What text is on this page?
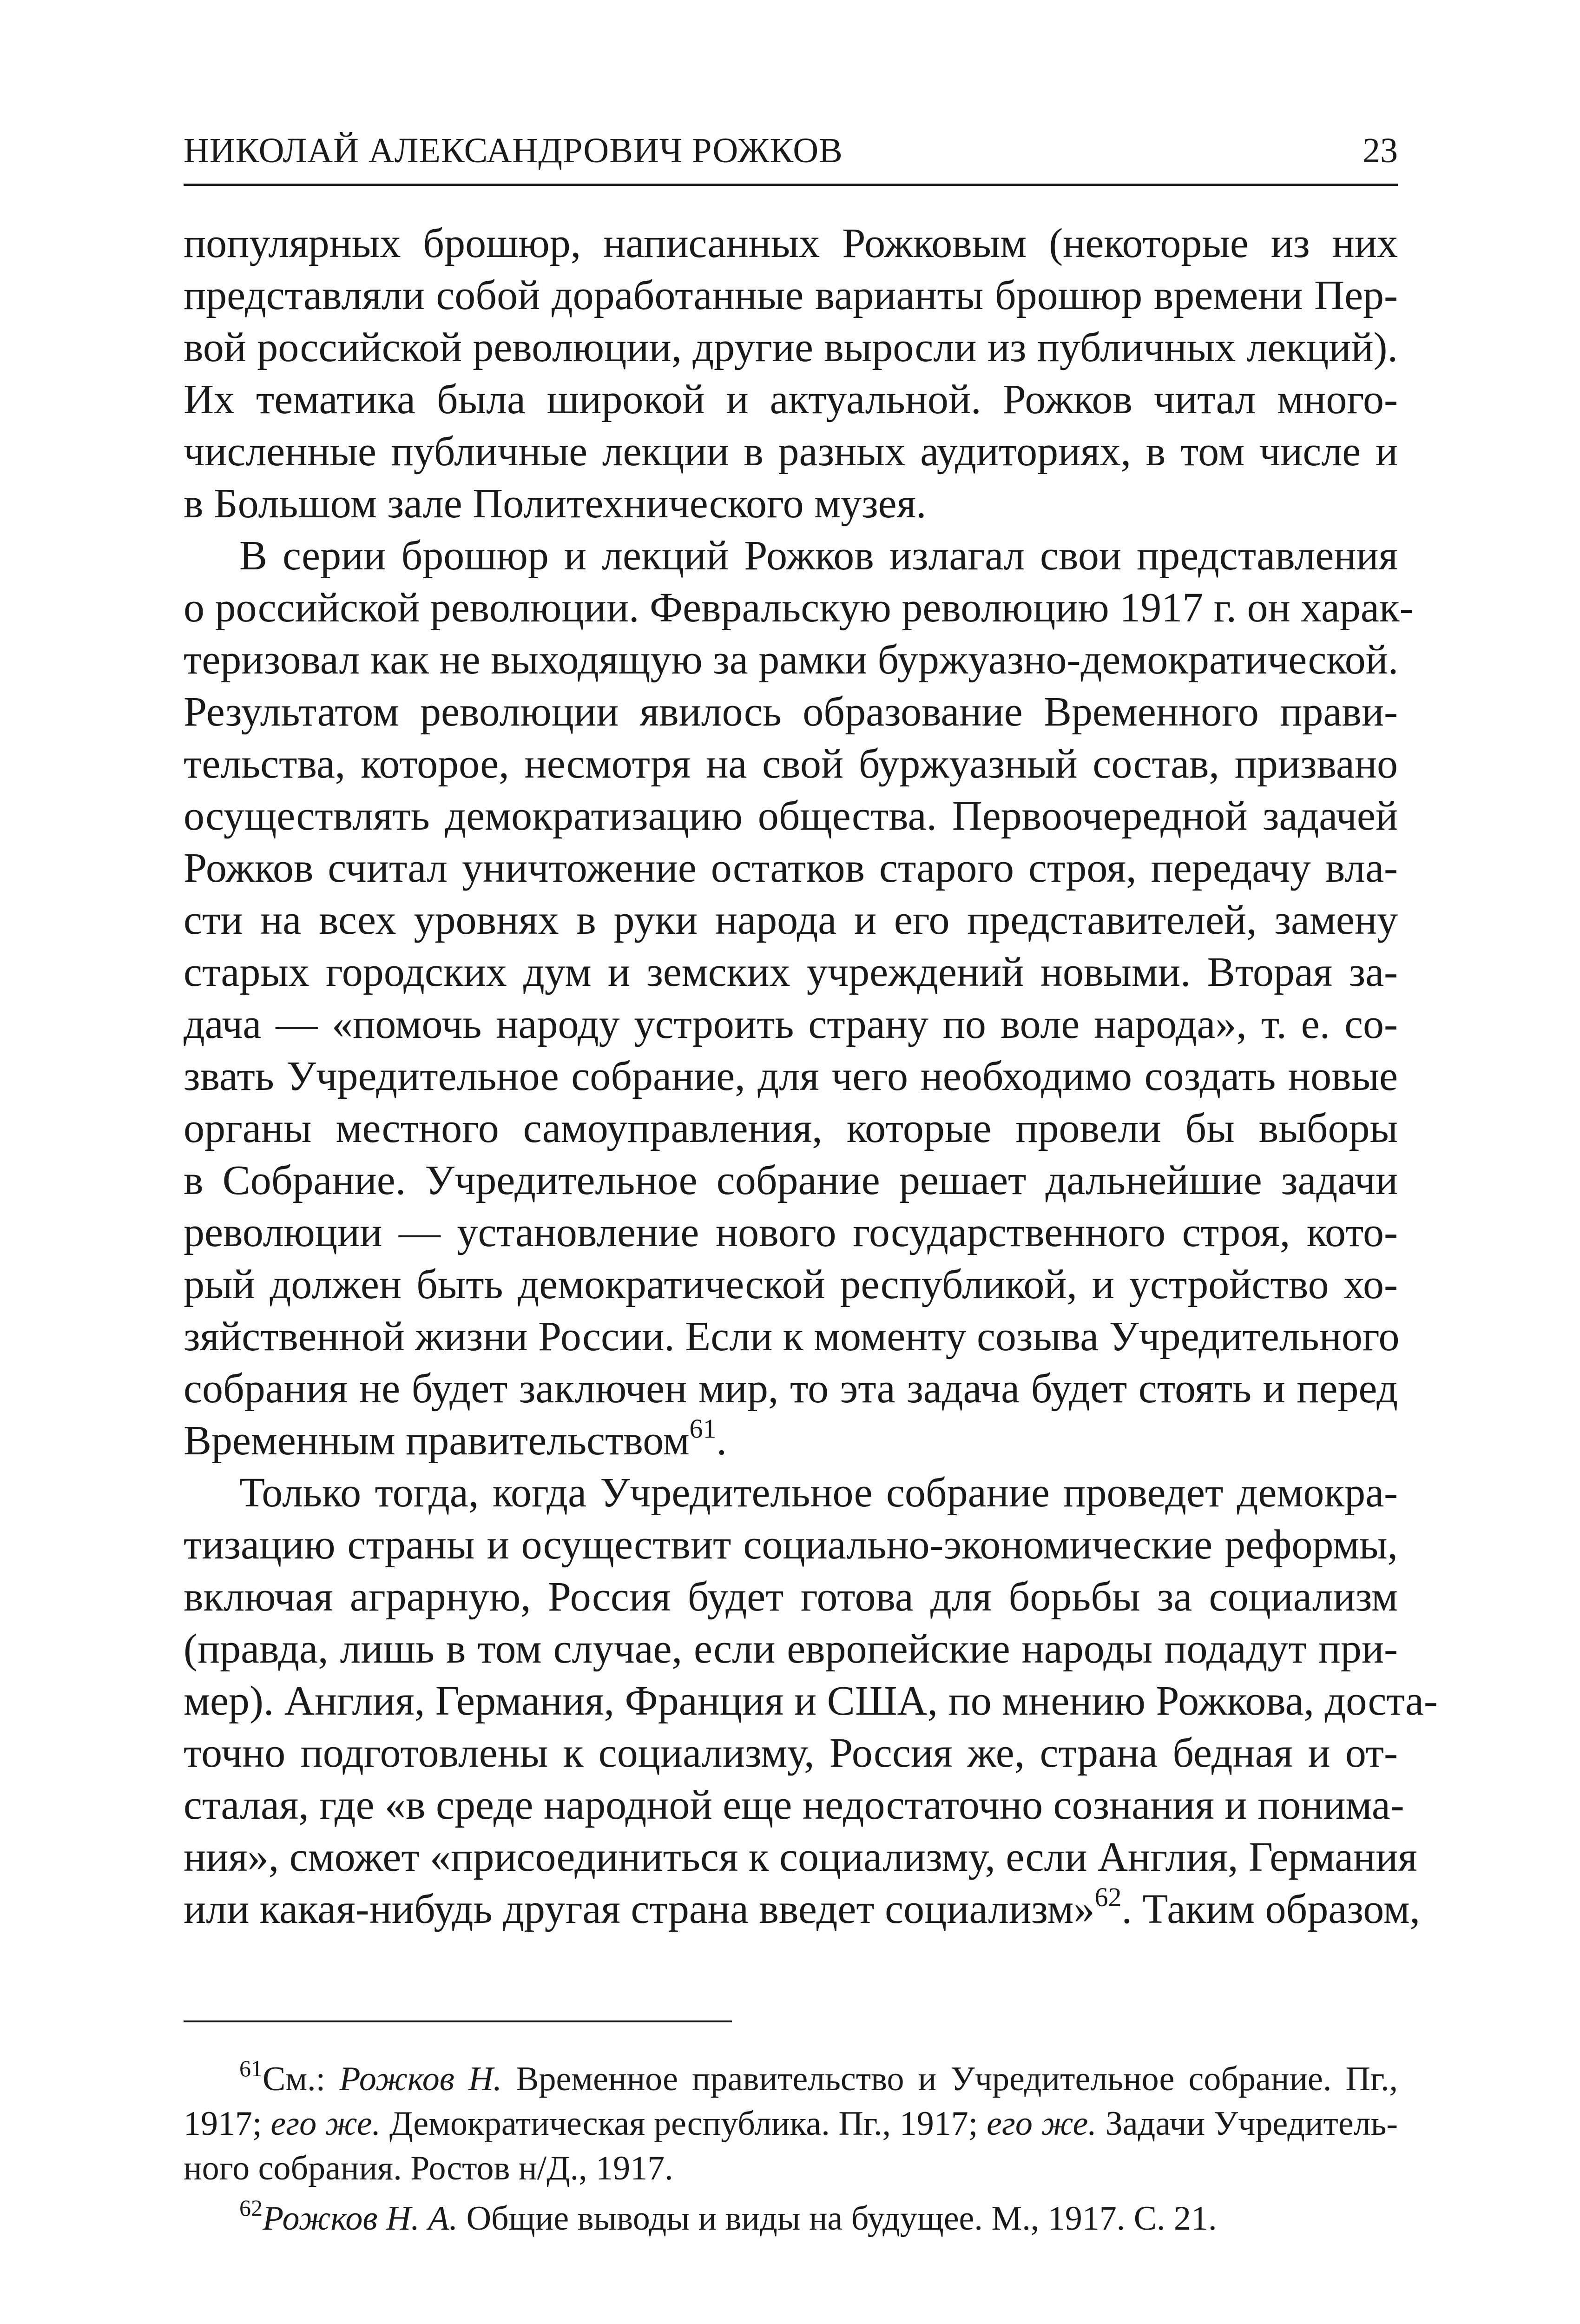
НИКОЛАЙ АЛЕКСАНДРОВИЧ РОЖКОВ	23
популярных брошюр, написанных Рожковым (некоторые из них
представляли собой доработанные варианты брошюр времени Пер-
вой российской революции, другие выросли из публичных лекций).
Их тематика была широкой и актуальной. Рожков читал много-
численные публичные лекции в разных аудиториях, в том числе и
в Большом зале Политехнического музея.
В серии брошюр и лекций Рожков излагал свои представления
о российской революции. Февральскую революцию 1917 г. он харак-
теризовал как не выходящую за рамки буржуазно-демократической.
Результатом революции явилось образование Временного прави-
тельства, которое, несмотря на свой буржуазный состав, призвано
осуществлять демократизацию общества. Первоочередной задачей
Рожков считал уничтожение остатков старого строя, передачу вла-
сти на всех уровнях в руки народа и его представителей, замену
старых городских дум и земских учреждений новыми. Вторая за-
дача — «помочь народу устроить страну по воле народа», т. е. со-
звать Учредительное собрание, для чего необходимо создать новые
органы местного самоуправления, которые провели бы выборы
в Собрание. Учредительное собрание решает дальнейшие задачи
революции — установление нового государственного строя, кото-
рый должен быть демократической республикой, и устройство хо-
зяйственной жизни России. Если к моменту созыва Учредительного
собрания не будет заключен мир, то эта задача будет стоять и перед
Временным правительством$^{61}$.
Только тогда, когда Учредительное собрание проведет демокра-
тизацию страны и осуществит социально-экономические реформы,
включая аграрную, Россия будет готова для борьбы за социализм
(правда, лишь в том случае, если европейские народы подадут при-
мер). Англия, Германия, Франция и США, по мнению Рожкова, доста-
точно подготовлены к социализму, Россия же, страна бедная и от-
сталая, где «в среде народной еще недостаточно сознания и понима-
ния», сможет «присоединиться к социализму, если Англия, Германия
или какая-нибудь другая страна введет социализм»$^{62}$. Таким образом,
$^{61}$См.: Рожков Н. Временное правительство и Учредительное собрание. Пг.,
1917; его же. Демократическая республика. Пг., 1917; его же. Задачи Учредитель-
ного собрания. Ростов н/Д., 1917.
$^{62}$Рожков Н. А. Общие выводы и виды на будущее. М., 1917. С. 21.
